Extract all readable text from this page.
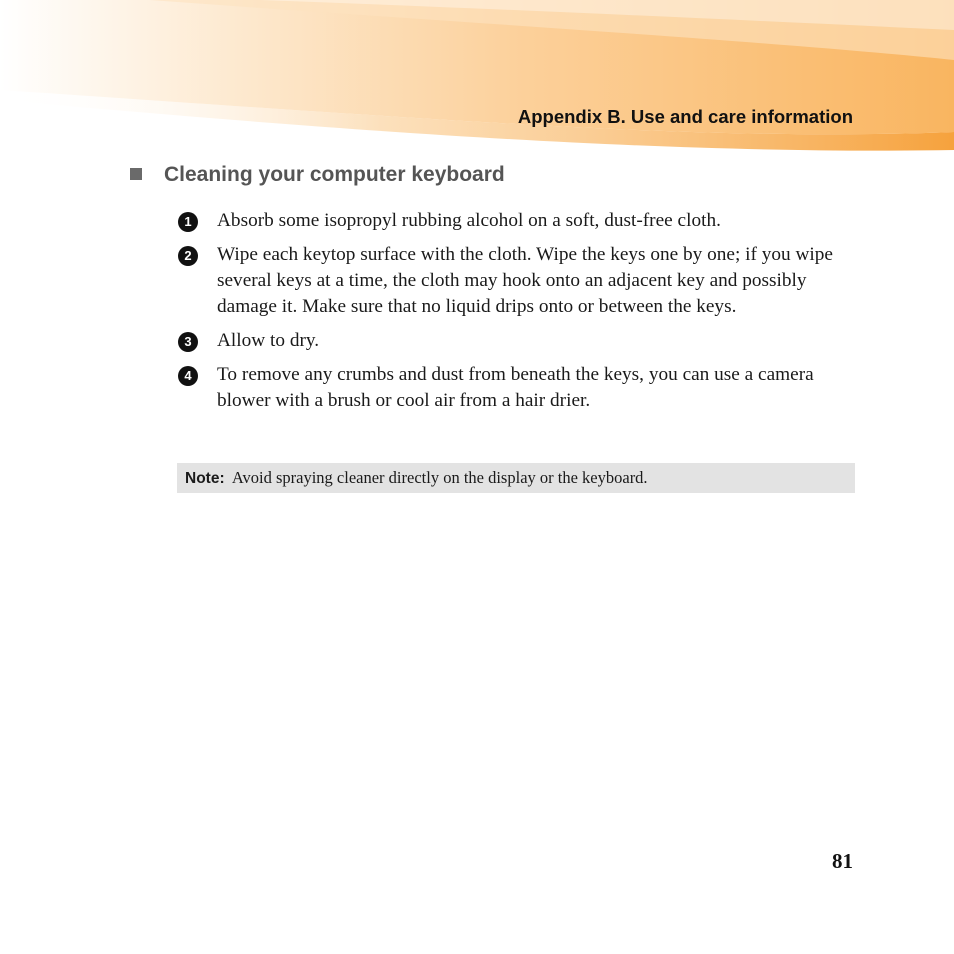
Appendix B. Use and care information

Cleaning your computer keyboard
1	Absorb some isopropyl rubbing alcohol on a soft, dust-free cloth.
2	Wipe each keytop surface with the cloth. Wipe the keys one by one; if you wipe several keys at a time, the cloth may hook onto an adjacent key and possibly damage it. Make sure that no liquid drips onto or between the keys.
3	Allow to dry.
4	To remove any crumbs and dust from beneath the keys, you can use a camera blower with a brush or cool air from a hair drier.
Note: Avoid spraying cleaner directly on the display or the keyboard.

81
